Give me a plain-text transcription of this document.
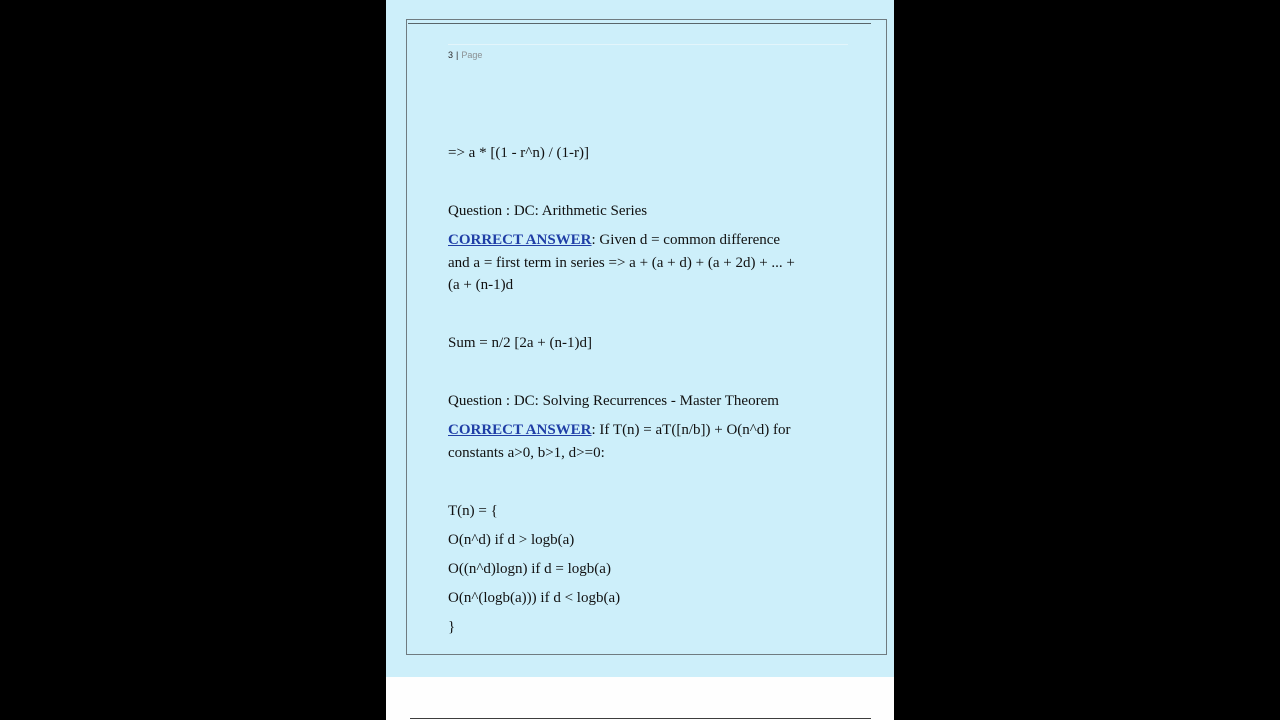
3 | Page
=> a * [(1 - r^n) / (1-r)]
Question : DC: Arithmetic Series
CORRECT ANSWER: Given d = common difference
and a = first term in series => a + (a + d) + (a + 2d) + ... +
(a + (n-1)d
Sum = n/2 [2a + (n-1)d]
Question : DC: Solving Recurrences - Master Theorem
CORRECT ANSWER: If T(n) = aT([n/b]) + O(n^d) for
constants a>0, b>1, d>=0:
T(n) = {
O(n^d) if d > logb(a)
O((n^d)logn) if d = logb(a)
O(n^(logb(a))) if d < logb(a)
}
